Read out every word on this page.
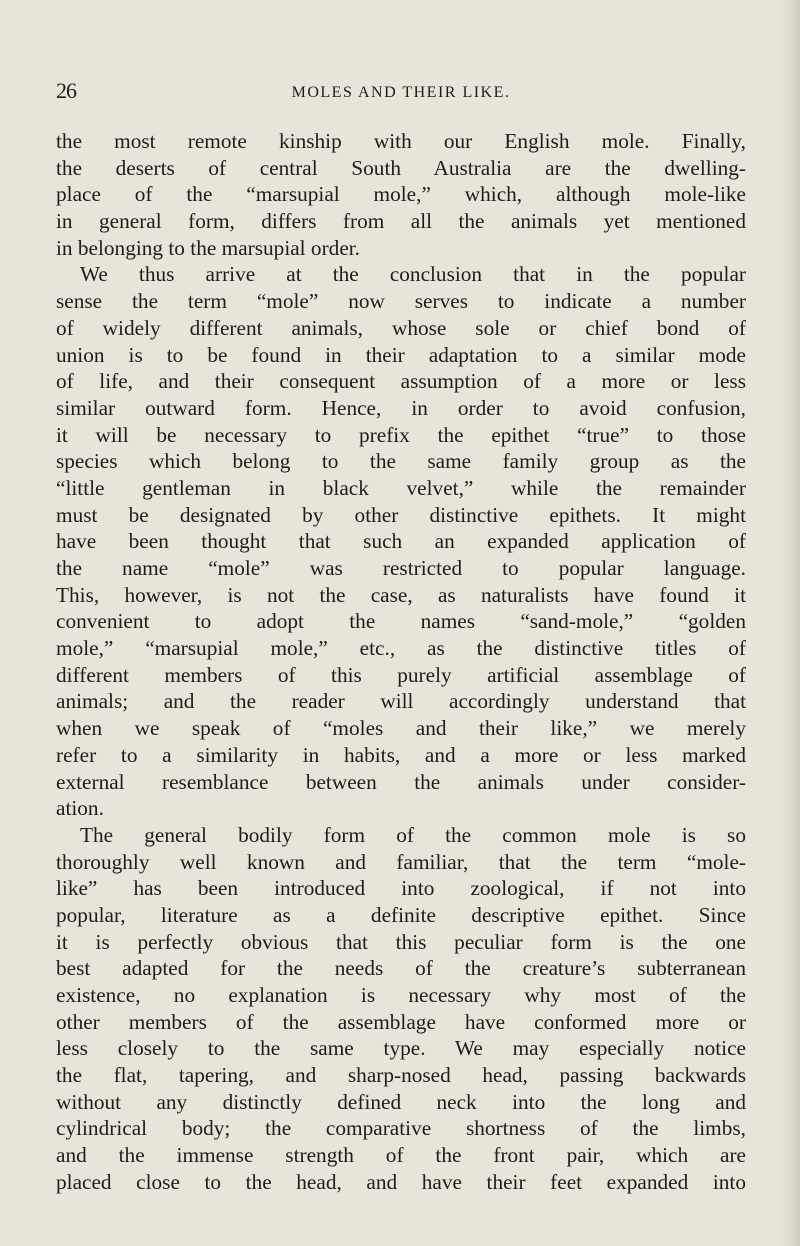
26	MOLES AND THEIR LIKE.
the most remote kinship with our English mole. Finally,
the deserts of central South Australia are the dwelling-
place of the “marsupial mole,” which, although mole-like
in general form, differs from all the animals yet mentioned
in belonging to the marsupial order.
We thus arrive at the conclusion that in the popular
sense the term “mole” now serves to indicate a number
of widely different animals, whose sole or chief bond of
union is to be found in their adaptation to a similar mode
of life, and their consequent assumption of a more or less
similar outward form. Hence, in order to avoid confusion,
it will be necessary to prefix the epithet “true” to those
species which belong to the same family group as the
“little gentleman in black velvet,” while the remainder
must be designated by other distinctive epithets. It might
have been thought that such an expanded application of
the name “mole” was restricted to popular language.
This, however, is not the case, as naturalists have found it
convenient to adopt the names “sand-mole,” “golden
mole,” “marsupial mole,” etc., as the distinctive titles of
different members of this purely artificial assemblage of
animals; and the reader will accordingly understand that
when we speak of “moles and their like,” we merely
refer to a similarity in habits, and a more or less marked
external resemblance between the animals under consider-
ation.
The general bodily form of the common mole is so
thoroughly well known and familiar, that the term “mole-
like” has been introduced into zoological, if not into
popular, literature as a definite descriptive epithet. Since
it is perfectly obvious that this peculiar form is the one
best adapted for the needs of the creature’s subterranean
existence, no explanation is necessary why most of the
other members of the assemblage have conformed more or
less closely to the same type. We may especially notice
the flat, tapering, and sharp-nosed head, passing backwards
without any distinctly defined neck into the long and
cylindrical body; the comparative shortness of the limbs,
and the immense strength of the front pair, which are
placed close to the head, and have their feet expanded into
